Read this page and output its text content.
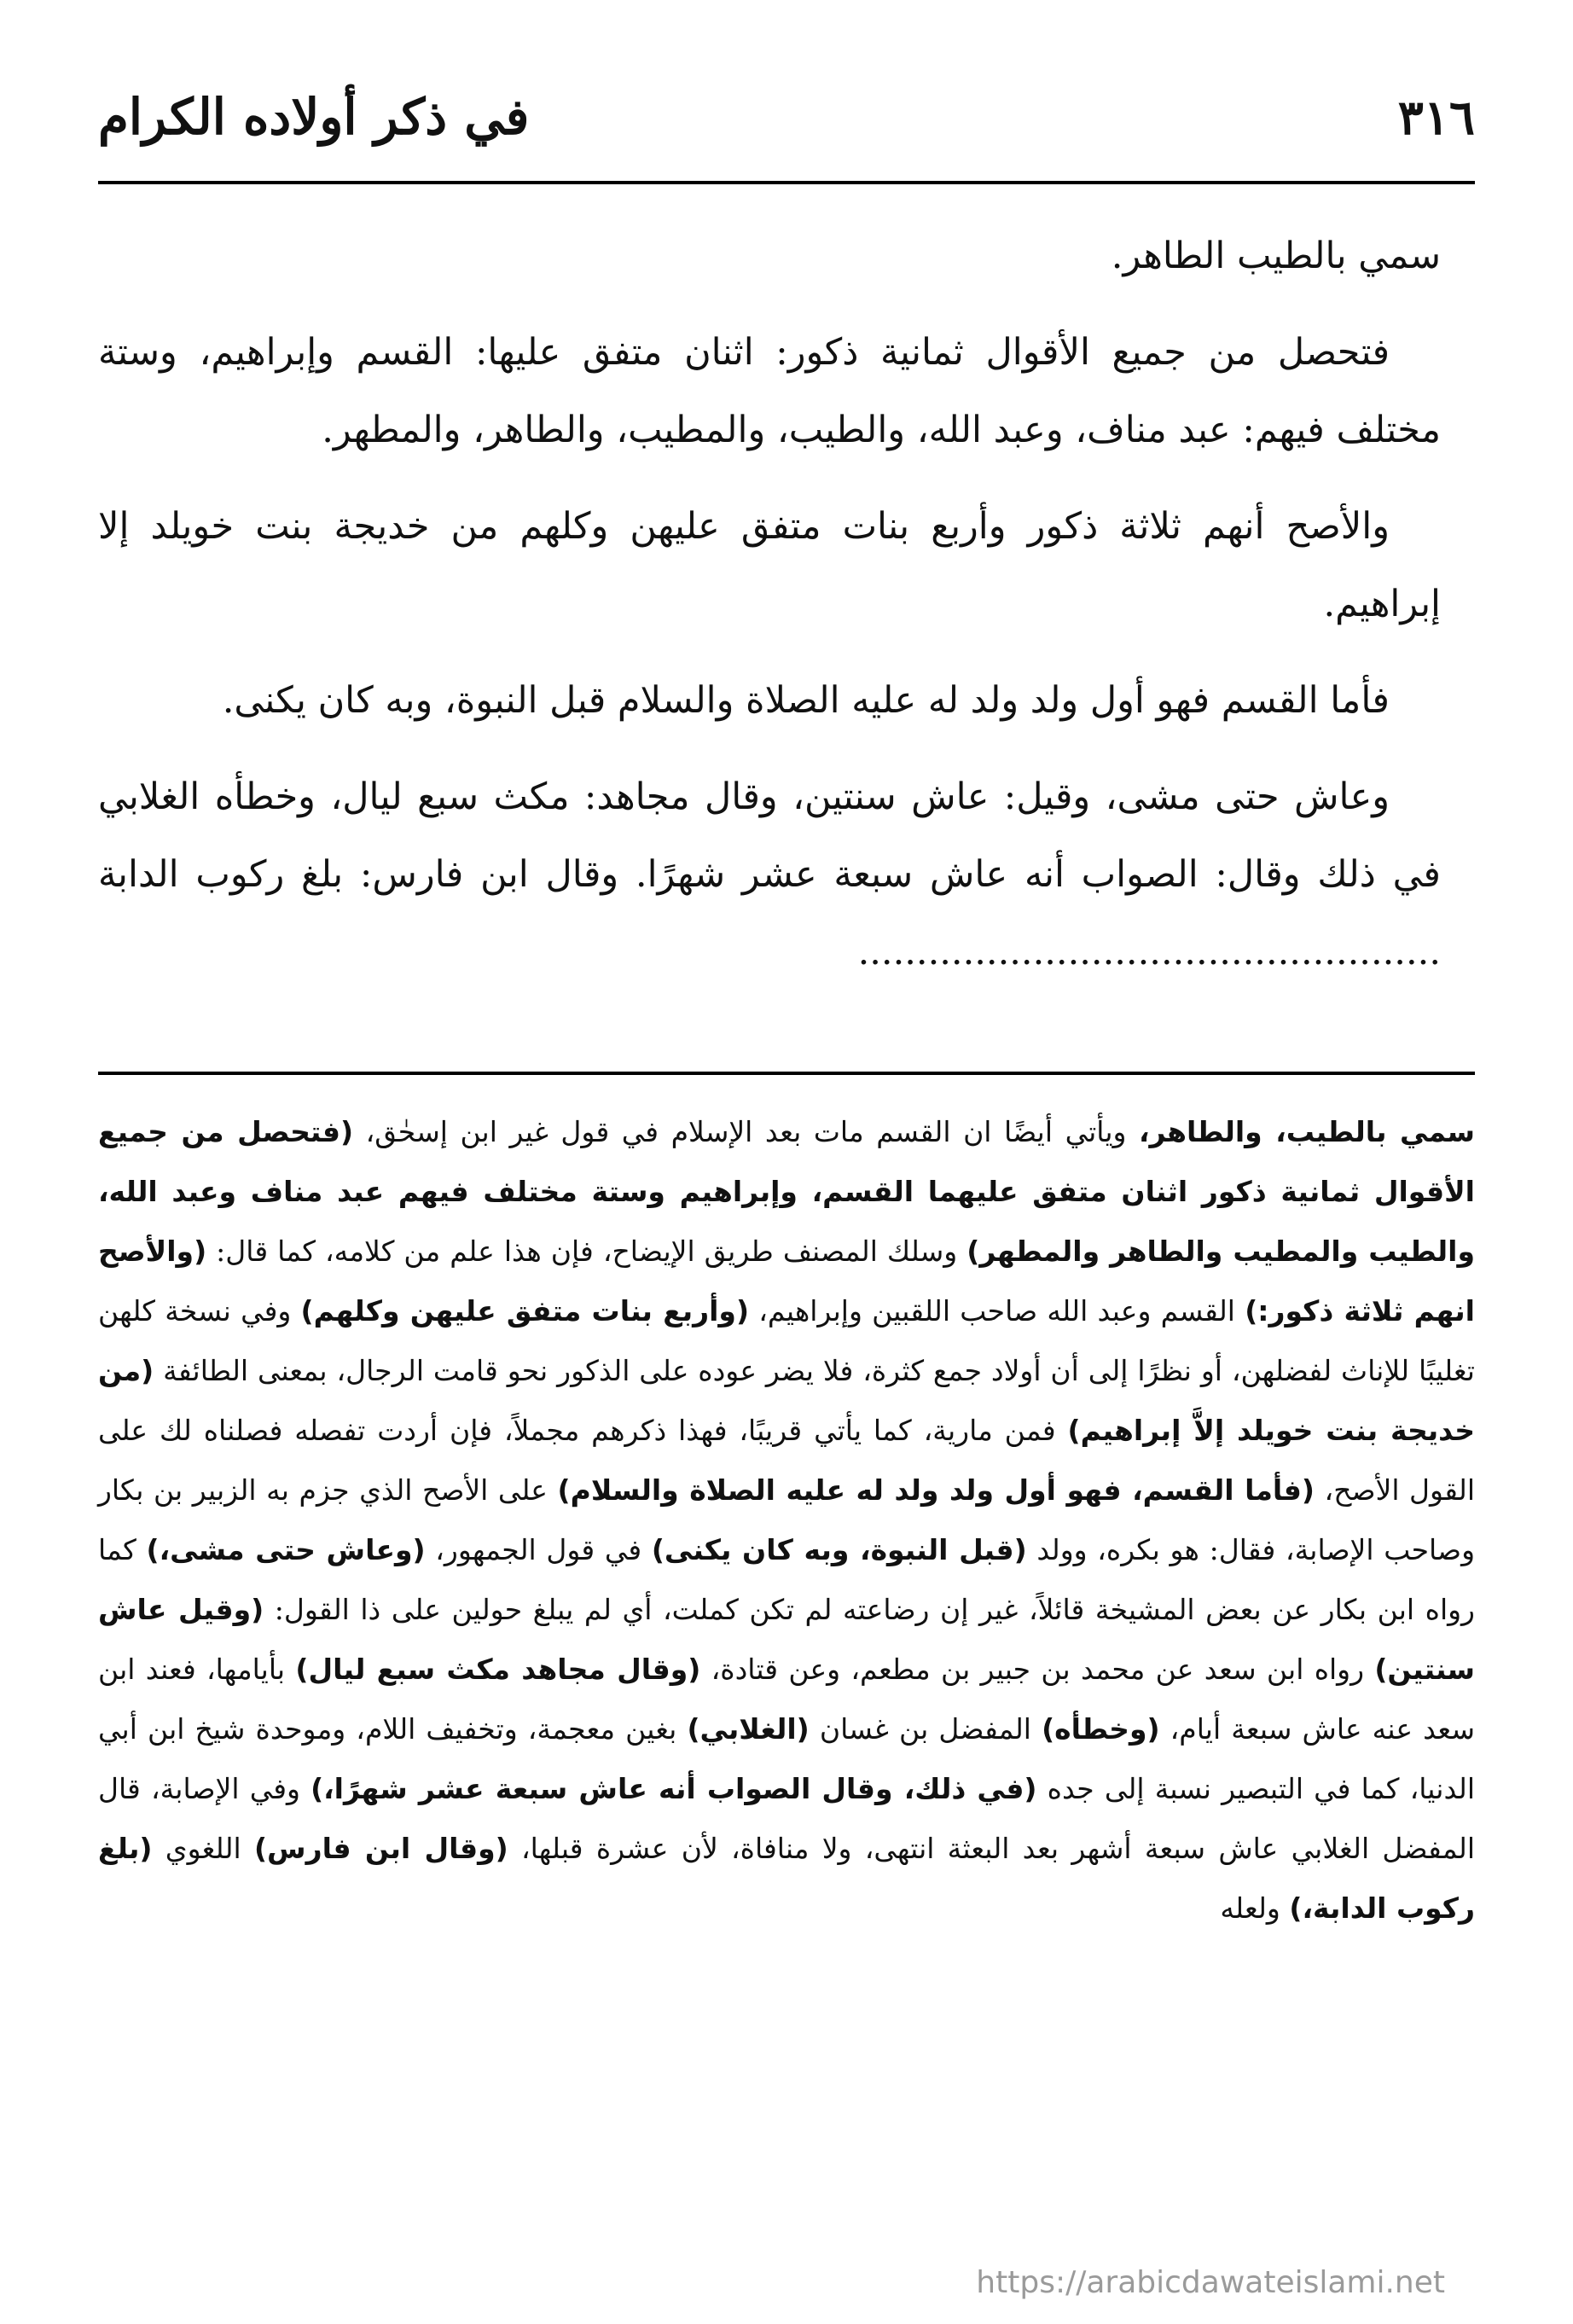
٣١٦
في ذكر أولاده الكرام

سمي بالطيب الطاهر.

فتحصل من جميع الأقوال ثمانية ذكور: اثنان متفق عليها: القسم وإبراهيم، وستة مختلف فيهم: عبد مناف، وعبد الله، والطيب، والمطيب، والطاهر، والمطهر.

والأصح أنهم ثلاثة ذكور وأربع بنات متفق عليهن وكلهم من خديجة بنت خويلد إلا إبراهيم.

فأما القسم فهو أول ولد ولد له عليه الصلاة والسلام قبل النبوة، وبه كان يكنى.

وعاش حتى مشى، وقيل: عاش سنتين، وقال مجاهد: مكث سبع ليال، وخطأه الغلابي في ذلك وقال: الصواب أنه عاش سبعة عشر شهرًا. وقال ابن فارس: بلغ ركوب الدابة ..................................................

سمي بالطيب، والطاهر، ويأتي أيضًا ان القسم مات بعد الإسلام في قول غير ابن إسحٰق، (فتحصل من جميع الأقوال ثمانية ذكور اثنان متفق عليهما القسم، وإبراهيم وستة مختلف فيهم عبد مناف وعبد الله، والطيب والمطيب والطاهر والمطهر) وسلك المصنف طريق الإيضاح، فإن هذا علم من كلامه، كما قال: (والأصح انهم ثلاثة ذكور:) القسم وعبد الله صاحب اللقبين وإبراهيم، (وأربع بنات متفق عليهن وكلهم) وفي نسخة كلهن تغليبًا للإناث لفضلهن، أو نظرًا إلى أن أولاد جمع كثرة، فلا يضر عوده على الذكور نحو قامت الرجال، بمعنى الطائفة (من خديجة بنت خويلد إلاَّ إبراهيم) فمن مارية، كما يأتي قريبًا، فهذا ذكرهم مجملاً، فإن أردت تفصله فصلناه لك على القول الأصح، (فأما القسم، فهو أول ولد ولد له عليه الصلاة والسلام) على الأصح الذي جزم به الزبير بن بكار وصاحب الإصابة، فقال: هو بكره، وولد (قبل النبوة، وبه كان يكنى) في قول الجمهور، (وعاش حتى مشى،) كما رواه ابن بكار عن بعض المشيخة قائلاً، غير إن رضاعته لم تكن كملت، أي لم يبلغ حولين على ذا القول: (وقيل عاش سنتين) رواه ابن سعد عن محمد بن جبير بن مطعم، وعن قتادة، (وقال مجاهد مكث سبع ليال) بأيامها، فعند ابن سعد عنه عاش سبعة أيام، (وخطأه) المفضل بن غسان (الغلابي) بغين معجمة، وتخفيف اللام، وموحدة شيخ ابن أبي الدنيا، كما في التبصير نسبة إلى جده (في ذلك، وقال الصواب أنه عاش سبعة عشر شهرًا،) وفي الإصابة، قال المفضل الغلابي عاش سبعة أشهر بعد البعثة انتهى، ولا منافاة، لأن عشرة قبلها، (وقال ابن فارس) اللغوي (بلغ ركوب الدابة،) ولعله

https://arabicdawateislami.net
